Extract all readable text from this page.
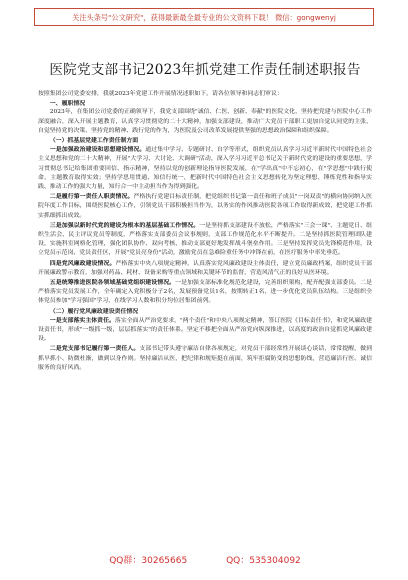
关注头条号"公文研究"，获得最新最全最专业的公文资料下载！ 微信：gongwenyj
医院党支部书记2023年抓党建工作责任制述职报告

按照集团公司党委安排，我就2023年党建工作开展情况述职如下，请各位领导和同志们审议：

一、履职情况

2023年，在集团公司党委的正确领导下，我党支部围绕"诚信、仁医、创新、奉献"的医院文化，坚持把党建与医院中心工作深度融合，深入开展主题教育，认真学习贯彻党的二十大精神，加强支部建设，推动广大党员干部职工更加自觉认同党的主张，自觉坚持党的决策、坚持党的精神、践行党的作为，为医院及公司改革发展提供坚强的思想政治保障和组织保障。

（一）抓基层党建工作责任制方面

一是加强政治建设和思想建设情况。通过集中学习、专题研讨、自学等形式，组织党员认真学习习近平新时代中国特色社会主义思想和党的二十大精神，开展"大学习、大讨论、大调研"活动，深入学习习近平总书记关于新时代党的建设的重要思想，学习贯彻总书记给集团重要回信、指示精神，坚持以党的创新理论指导医院发展，在"学出真"中不忘初心，在"学思想"中践行使命，主题教育取得实效；坚持学思用贯通、知信行统一，把新时代中国特色社会主义思想转化为坚定理想、锤炼党性和指导实践、推动工作的强大力量，知行合一中主动担当作为得到强化。

二是履行第一责任人职责情况。严格执行党建目标责任制，把党组织书记第一责任和班子成员"一岗双责"的横向协同纳入医院年度工作目标，围绕医院核心工作，引领党员干部积极担当作为，以务实的作风推动医院各项工作取得新成效，把党建工作抓实抓细抓出成效。

三是加强以新时代党的建设为根本的基层基础工作情况。一是坚持抓支部建设不放松，严格落实"三会一课"、主题党日、组织生活会、民主评议党员等制度，严格落实支部委员会议事规则，支部工作规范化水平不断提升。二是坚持抓医院管理团队建设，实施科室网格化管理，强化团队协作、双向考核，推动支部更好地发挥战斗堡垒作用。三是坚持发挥党员先锋模范作用，设立党员示范岗、党员责任区，开展"党员亮身份"活动，激励党员在急难险重任务中冲锋在前，在医疗服务中率先垂范。

四是党风廉政建设情况。严格落实中央八项规定精神，认真落实党风廉政建设主体责任，建立党员廉政档案，组织党员干部开展廉政警示教育，加强对药品、耗材、设备采购等重点领域和关键环节的监督，营造风清气正的良好从医环境。

五是统筹推进医院各领域基础党组织建设情况。一是加强支部标准化规范化建设，完善组织架构，配齐配强支部委员。二是严格落实党员发展工作，全年确定入党积极分子2名，发展预备党员1名，按期转正1名，进一步优化党员队伍结构。三是组织全体党员参加"学习强国"学习，在线学习人数和积分均位居集团前列。

（二）履行党风廉政建设责任情况

一是支部落实主体责任。落实全面从严治党要求，"两个责任"和中央八项规定精神，签订医院《目标责任书》，和党风廉政建设责任书，形成"一级抓一级，层层抓落实"的责任体系。坚定不移把全面从严治党向纵深推进，以高度的政治自觉抓党风廉政建设。

二是党支部书记履行第一责任人。支部书记带头遵守廉洁自律各项规定，对党员干部经常性开展谈心谈话，常常提醒，做到抓早抓小、防微杜渐，做到以身作则。坚持廉洁从医，把纪律和规矩挺在前面，筑牢拒腐防变的思想防线，营造廉洁行医、诚信服务的良好风尚。

QQ群：30265665	QQ：535304092
